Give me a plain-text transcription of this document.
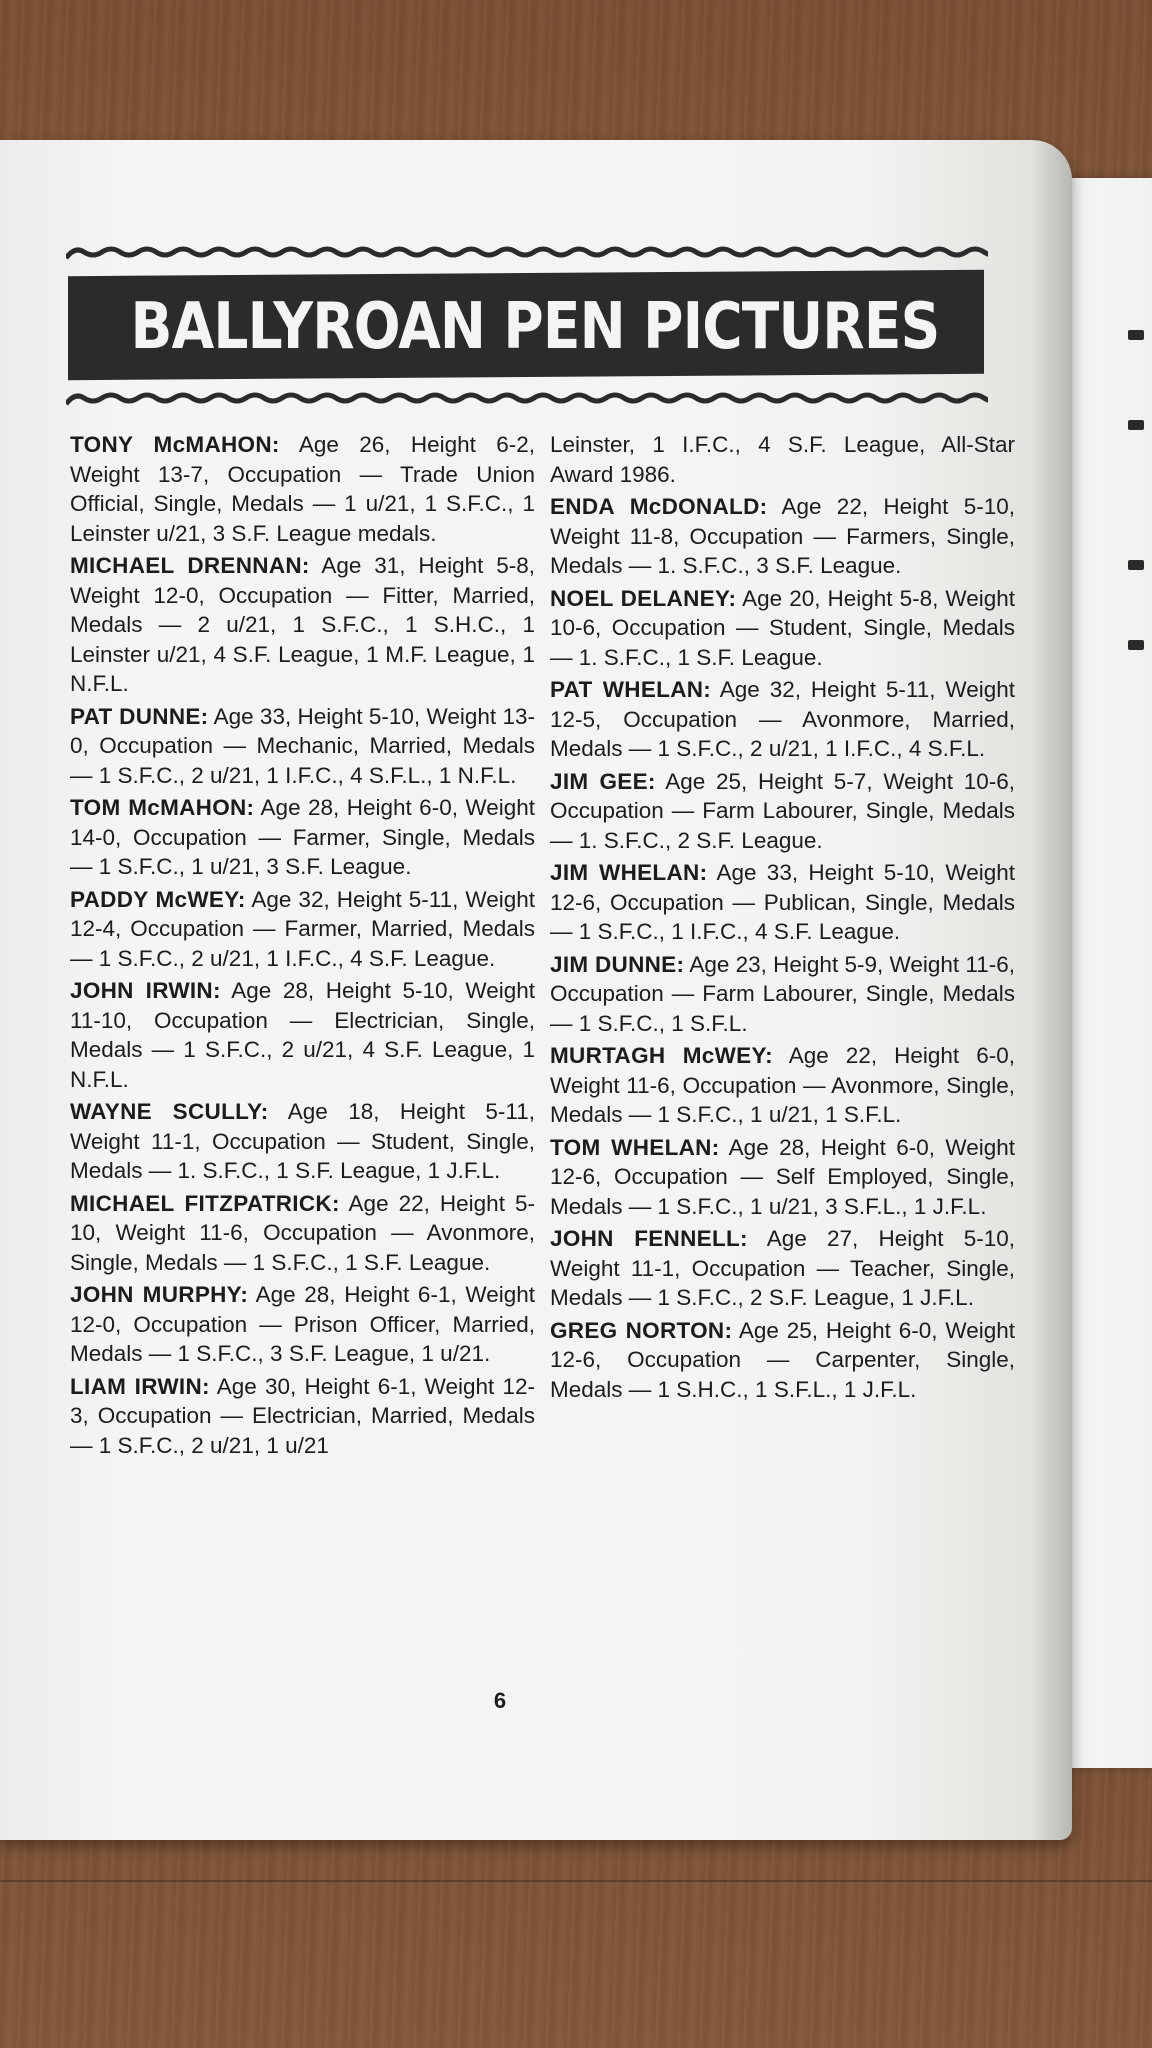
BALLYROAN PEN PICTURES

TONY McMAHON: Age 26, Height 6-2, Weight 13-7, Occupation — Trade Union Official, Single, Medals — 1 u/21, 1 S.F.C., 1 Leinster u/21, 3 S.F. League medals.

MICHAEL DRENNAN: Age 31, Height 5-8, Weight 12-0, Occupation — Fitter, Married, Medals — 2 u/21, 1 S.F.C., 1 S.H.C., 1 Leinster u/21, 4 S.F. League, 1 M.F. League, 1 N.F.L.

PAT DUNNE: Age 33, Height 5-10, Weight 13-0, Occupation — Mechanic, Married, Medals — 1 S.F.C., 2 u/21, 1 I.F.C., 4 S.F.L., 1 N.F.L.

TOM McMAHON: Age 28, Height 6-0, Weight 14-0, Occupation — Farmer, Single, Medals — 1 S.F.C., 1 u/21, 3 S.F. League.

PADDY McWEY: Age 32, Height 5-11, Weight 12-4, Occupation — Farmer, Married, Medals — 1 S.F.C., 2 u/21, 1 I.F.C., 4 S.F. League.

JOHN IRWIN: Age 28, Height 5-10, Weight 11-10, Occupation — Electrician, Single, Medals — 1 S.F.C., 2 u/21, 4 S.F. League, 1 N.F.L.

WAYNE SCULLY: Age 18, Height 5-11, Weight 11-1, Occupation — Student, Single, Medals — 1. S.F.C., 1 S.F. League, 1 J.F.L.

MICHAEL FITZPATRICK: Age 22, Height 5-10, Weight 11-6, Occupation — Avonmore, Single, Medals — 1 S.F.C., 1 S.F. League.

JOHN MURPHY: Age 28, Height 6-1, Weight 12-0, Occupation — Prison Officer, Married, Medals — 1 S.F.C., 3 S.F. League, 1 u/21.

LIAM IRWIN: Age 30, Height 6-1, Weight 12-3, Occupation — Electrician, Married, Medals — 1 S.F.C., 2 u/21, 1 u/21

Leinster, 1 I.F.C., 4 S.F. League, All-Star Award 1986.

ENDA McDONALD: Age 22, Height 5-10, Weight 11-8, Occupation — Farmers, Single, Medals — 1. S.F.C., 3 S.F. League.

NOEL DELANEY: Age 20, Height 5-8, Weight 10-6, Occupation — Student, Single, Medals — 1. S.F.C., 1 S.F. League.

PAT WHELAN: Age 32, Height 5-11, Weight 12-5, Occupation — Avonmore, Married, Medals — 1 S.F.C., 2 u/21, 1 I.F.C., 4 S.F.L.

JIM GEE: Age 25, Height 5-7, Weight 10-6, Occupation — Farm Labourer, Single, Medals — 1. S.F.C., 2 S.F. League.

JIM WHELAN: Age 33, Height 5-10, Weight 12-6, Occupation — Publican, Single, Medals — 1 S.F.C., 1 I.F.C., 4 S.F. League.

JIM DUNNE: Age 23, Height 5-9, Weight 11-6, Occupation — Farm Labourer, Single, Medals — 1 S.F.C., 1 S.F.L.

MURTAGH McWEY: Age 22, Height 6-0, Weight 11-6, Occupation — Avonmore, Single, Medals — 1 S.F.C., 1 u/21, 1 S.F.L.

TOM WHELAN: Age 28, Height 6-0, Weight 12-6, Occupation — Self Employed, Single, Medals — 1 S.F.C., 1 u/21, 3 S.F.L., 1 J.F.L.

JOHN FENNELL: Age 27, Height 5-10, Weight 11-1, Occupation — Teacher, Single, Medals — 1 S.F.C., 2 S.F. League, 1 J.F.L.

GREG NORTON: Age 25, Height 6-0, Weight 12-6, Occupation — Carpenter, Single, Medals — 1 S.H.C., 1 S.F.L., 1 J.F.L.

6
